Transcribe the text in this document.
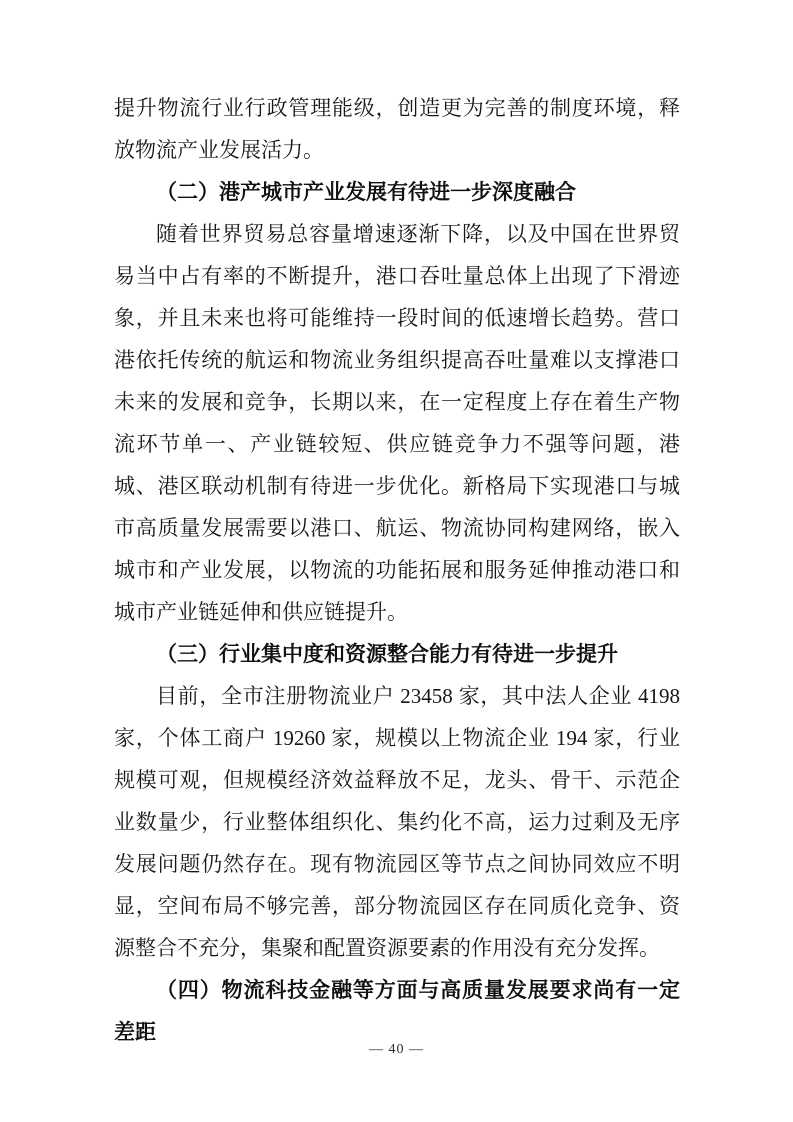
提升物流行业行政管理能级，创造更为完善的制度环境，释放物流产业发展活力。

（二）港产城市产业发展有待进一步深度融合

随着世界贸易总容量增速逐渐下降，以及中国在世界贸易当中占有率的不断提升，港口吞吐量总体上出现了下滑迹象，并且未来也将可能维持一段时间的低速增长趋势。营口港依托传统的航运和物流业务组织提高吞吐量难以支撑港口未来的发展和竞争，长期以来，在一定程度上存在着生产物流环节单一、产业链较短、供应链竞争力不强等问题，港城、港区联动机制有待进一步优化。新格局下实现港口与城市高质量发展需要以港口、航运、物流协同构建网络，嵌入城市和产业发展，以物流的功能拓展和服务延伸推动港口和城市产业链延伸和供应链提升。

（三）行业集中度和资源整合能力有待进一步提升

目前，全市注册物流业户 23458 家，其中法人企业 4198 家，个体工商户 19260 家，规模以上物流企业 194 家，行业规模可观，但规模经济效益释放不足，龙头、骨干、示范企业数量少，行业整体组织化、集约化不高，运力过剩及无序发展问题仍然存在。现有物流园区等节点之间协同效应不明显，空间布局不够完善，部分物流园区存在同质化竞争、资源整合不充分，集聚和配置资源要素的作用没有充分发挥。

（四）物流科技金融等方面与高质量发展要求尚有一定差距

— 40 —
